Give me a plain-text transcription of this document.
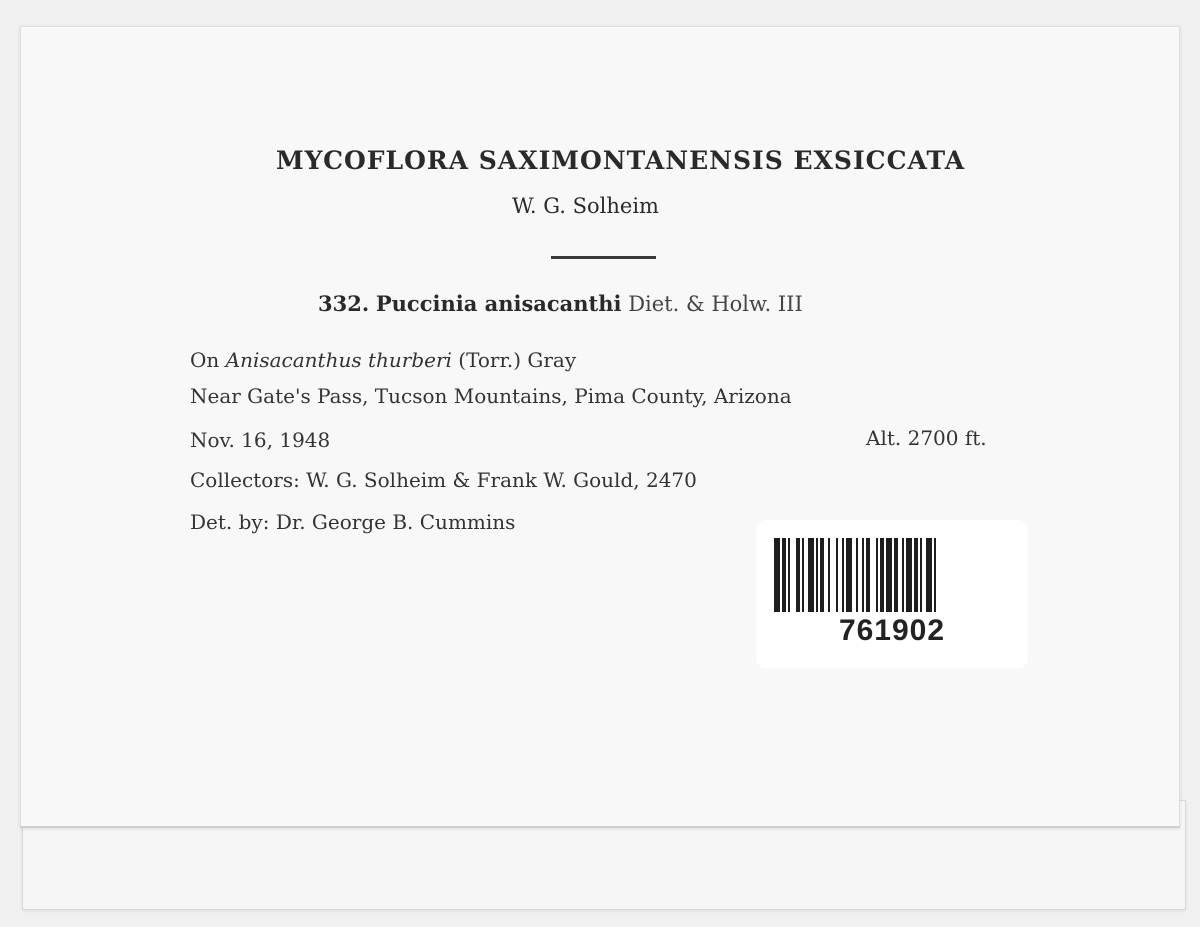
MYCOFLORA SAXIMONTANENSIS EXSICCATA
W. G. Solheim
332. Puccinia anisacanthi Diet. & Holw. III
On Anisacanthus thurberi (Torr.) Gray
Near Gate's Pass, Tucson Mountains, Pima County, Arizona
Nov. 16, 1948	Alt. 2700 ft.
Collectors: W. G. Solheim & Frank W. Gould, 2470
Det. by: Dr. George B. Cummins
761902
